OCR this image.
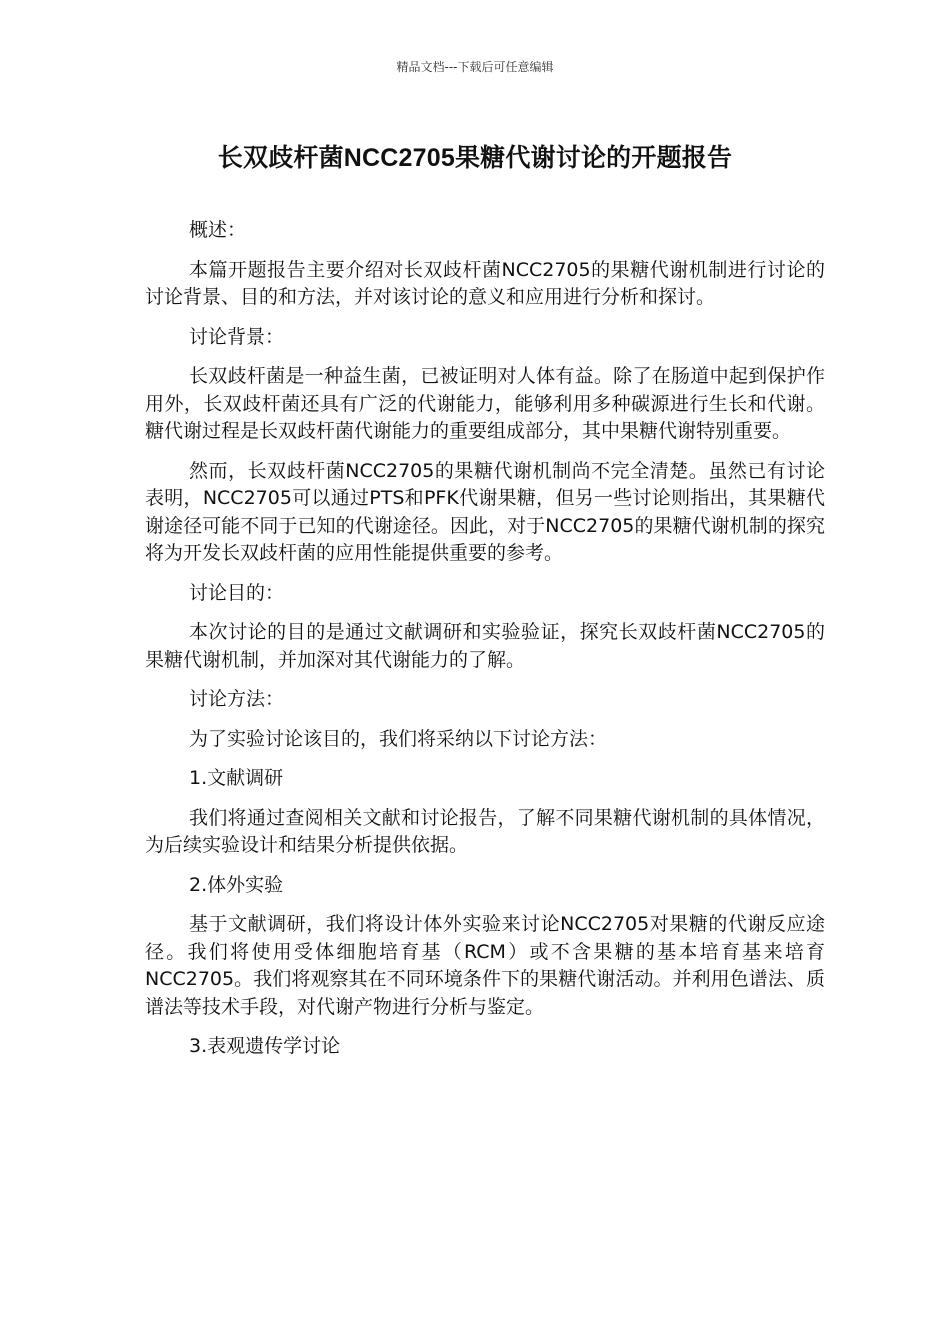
精品文档---下载后可任意编辑
长双歧杆菌NCC2705果糖代谢讨论的开题报告

概述：

本篇开题报告主要介绍对长双歧杆菌NCC2705的果糖代谢机制进行讨论的讨论背景、目的和方法，并对该讨论的意义和应用进行分析和探讨。

讨论背景：

长双歧杆菌是一种益生菌，已被证明对人体有益。除了在肠道中起到保护作用外，长双歧杆菌还具有广泛的代谢能力，能够利用多种碳源进行生长和代谢。糖代谢过程是长双歧杆菌代谢能力的重要组成部分，其中果糖代谢特别重要。

然而，长双歧杆菌NCC2705的果糖代谢机制尚不完全清楚。虽然已有讨论表明，NCC2705可以通过PTS和PFK代谢果糖，但另一些讨论则指出，其果糖代谢途径可能不同于已知的代谢途径。因此，对于NCC2705的果糖代谢机制的探究将为开发长双歧杆菌的应用性能提供重要的参考。

讨论目的：

本次讨论的目的是通过文献调研和实验验证，探究长双歧杆菌NCC2705的果糖代谢机制，并加深对其代谢能力的了解。

讨论方法：

为了实验讨论该目的，我们将采纳以下讨论方法：

1.文献调研

我们将通过查阅相关文献和讨论报告，了解不同果糖代谢机制的具体情况，为后续实验设计和结果分析提供依据。

2.体外实验

基于文献调研，我们将设计体外实验来讨论NCC2705对果糖的代谢反应途径。我们将使用受体细胞培育基（RCM）或不含果糖的基本培育基来培育NCC2705。我们将观察其在不同环境条件下的果糖代谢活动。并利用色谱法、质谱法等技术手段，对代谢产物进行分析与鉴定。

3.表观遗传学讨论
